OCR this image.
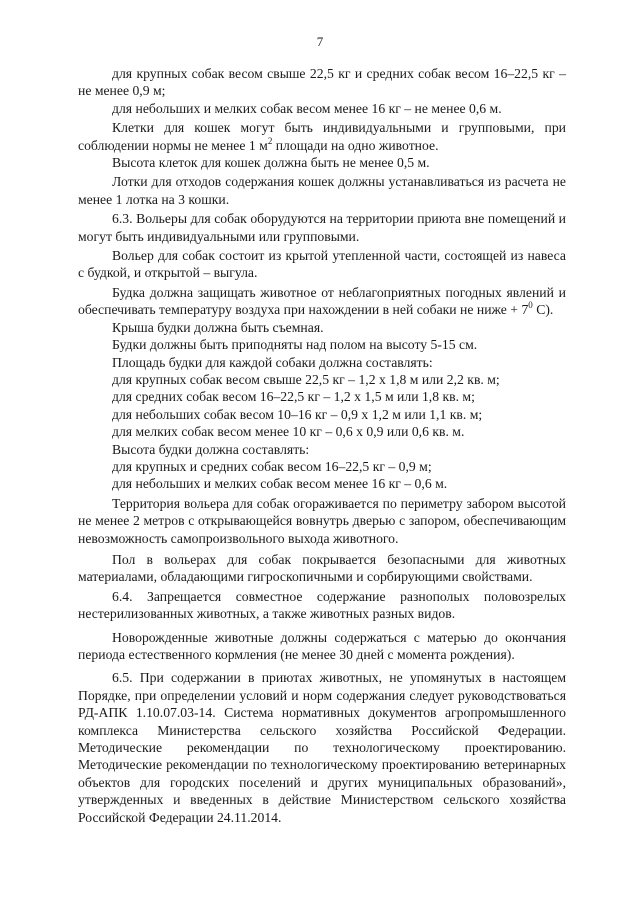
7

для крупных собак весом свыше 22,5 кг и средних собак весом 16–22,5 кг – не менее 0,9 м;

для небольших и мелких собак весом менее 16 кг – не менее 0,6 м.

Клетки для кошек могут быть индивидуальными и групповыми, при соблюдении нормы не менее 1 $м^2$ площади на одно животное.

Высота клеток для кошек должна быть не менее 0,5 м.

Лотки для отходов содержания кошек должны устанавливаться из расчета не менее 1 лотка на 3 кошки.

6.3. Вольеры для собак оборудуются на территории приюта вне помещений и могут быть индивидуальными или групповыми.

Вольер для собак состоит из крытой утепленной части, состоящей из навеса с будкой, и открытой – выгула.

Будка должна защищать животное от неблагоприятных погодных явлений и обеспечивать температуру воздуха при нахождении в ней собаки не ниже + $7^0$ С).

Крыша будки должна быть съемная.

Будки должны быть приподняты над полом на высоту 5-15 см.

Площадь будки для каждой собаки должна составлять:

для крупных собак весом свыше 22,5 кг – 1,2 х 1,8 м или 2,2 кв. м;

для средних собак весом 16–22,5 кг – 1,2 х 1,5 м или 1,8 кв. м;

для небольших собак весом 10–16 кг – 0,9 х 1,2 м или 1,1 кв. м;

для мелких собак весом менее 10 кг – 0,6 х 0,9 или 0,6 кв. м.

Высота будки должна составлять:

для крупных и средних собак весом 16–22,5 кг – 0,9 м;

для небольших и мелких собак весом менее 16 кг – 0,6 м.

Территория вольера для собак огораживается по периметру забором высотой не менее 2 метров с открывающейся вовнутрь дверью с запором, обеспечивающим невозможность самопроизвольного выхода животного.

Пол в вольерах для собак покрывается безопасными для животных материалами, обладающими гигроскопичными и сорбирующими свойствами.

6.4. Запрещается совместное содержание разнополых половозрелых нестерилизованных животных, а также животных разных видов.

Новорожденные животные должны содержаться с матерью до окончания периода естественного кормления (не менее 30 дней с момента рождения).

6.5. При содержании в приютах животных, не упомянутых в настоящем Порядке, при определении условий и норм содержания следует руководствоваться РД-АПК 1.10.07.03-14. Система нормативных документов агропромышленного комплекса Министерства сельского хозяйства Российской Федерации. Методические рекомендации по технологическому проектированию. Методические рекомендации по технологическому проектированию ветеринарных объектов для городских поселений и других муниципальных образований», утвержденных и введенных в действие Министерством сельского хозяйства Российской Федерации 24.11.2014.
